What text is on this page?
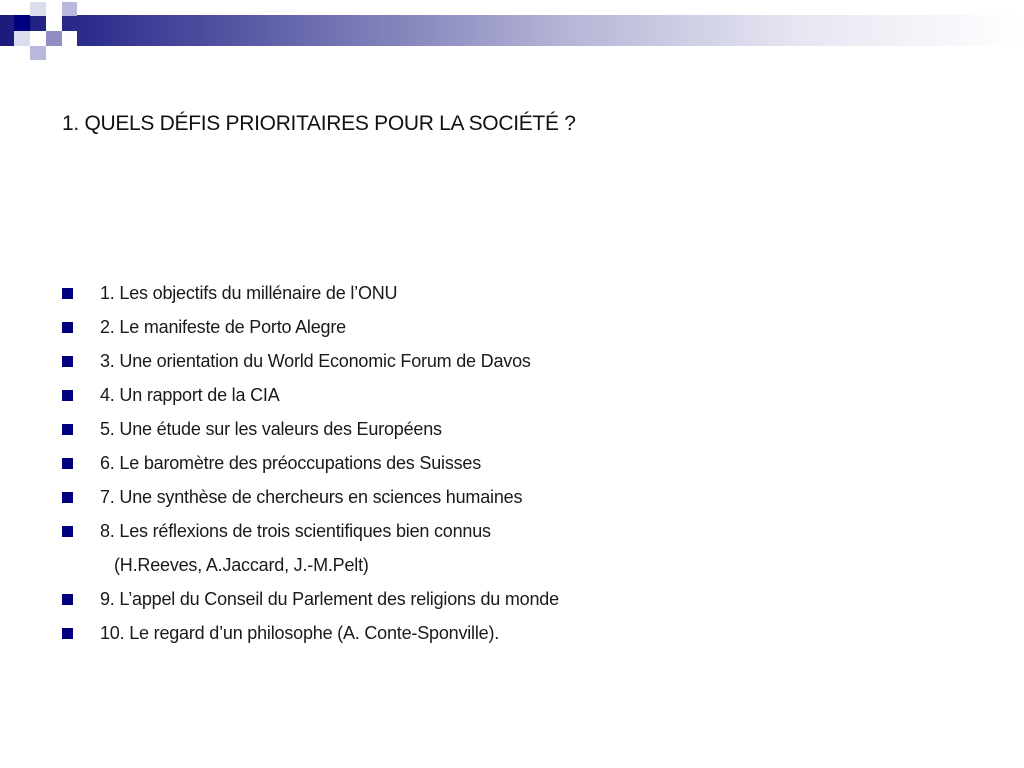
1. QUELS DÉFIS PRIORITAIRES POUR LA SOCIÉTÉ ?
1. Les objectifs du millénaire de l’ONU
2. Le manifeste de Porto Alegre
3. Une orientation du World Economic Forum de Davos
4. Un rapport de la CIA
5. Une étude sur les valeurs des Européens
6. Le baromètre des préoccupations des Suisses
7. Une synthèse de chercheurs en sciences humaines
8. Les réflexions de trois scientifiques bien connus
(H.Reeves, A.Jaccard, J.-M.Pelt)
9. L’appel du Conseil du Parlement des religions du monde
10. Le regard d’un philosophe (A. Conte-Sponville).
